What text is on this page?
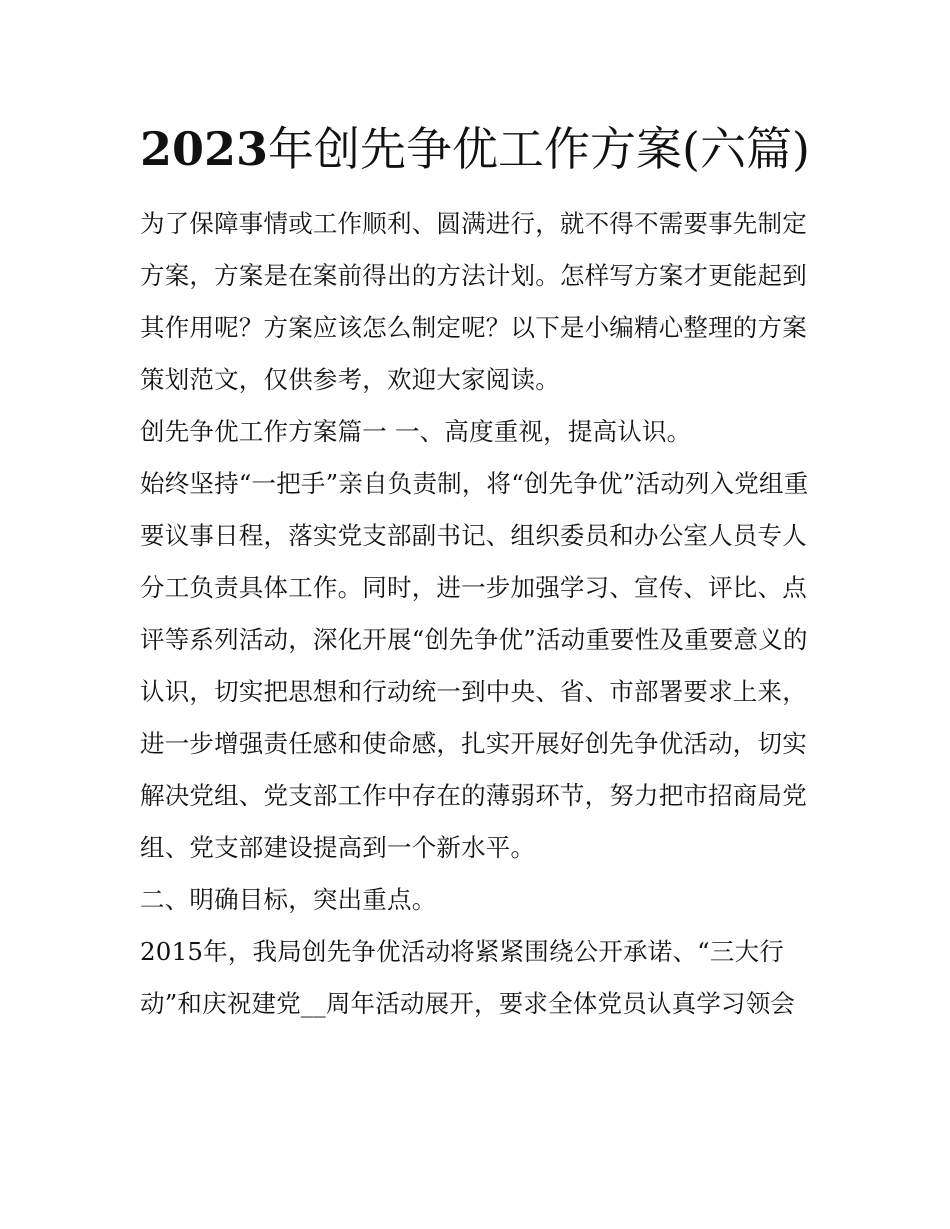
2023年创先争优工作方案(六篇)

为了保障事情或工作顺利、圆满进行，就不得不需要事先制定方案，方案是在案前得出的方法计划。怎样写方案才更能起到其作用呢？方案应该怎么制定呢？以下是小编精心整理的方案策划范文，仅供参考，欢迎大家阅读。

创先争优工作方案篇一 一、高度重视，提高认识。

始终坚持“一把手”亲自负责制，将“创先争优”活动列入党组重要议事日程，落实党支部副书记、组织委员和办公室人员专人分工负责具体工作。同时，进一步加强学习、宣传、评比、点评等系列活动，深化开展“创先争优”活动重要性及重要意义的认识，切实把思想和行动统一到中央、省、市部署要求上来，进一步增强责任感和使命感，扎实开展好创先争优活动，切实解决党组、党支部工作中存在的薄弱环节，努力把市招商局党组、党支部建设提高到一个新水平。

二、明确目标，突出重点。

2015年，我局创先争优活动将紧紧围绕公开承诺、“三大行动”和庆祝建党__周年活动展开，要求全体党员认真学习领会
